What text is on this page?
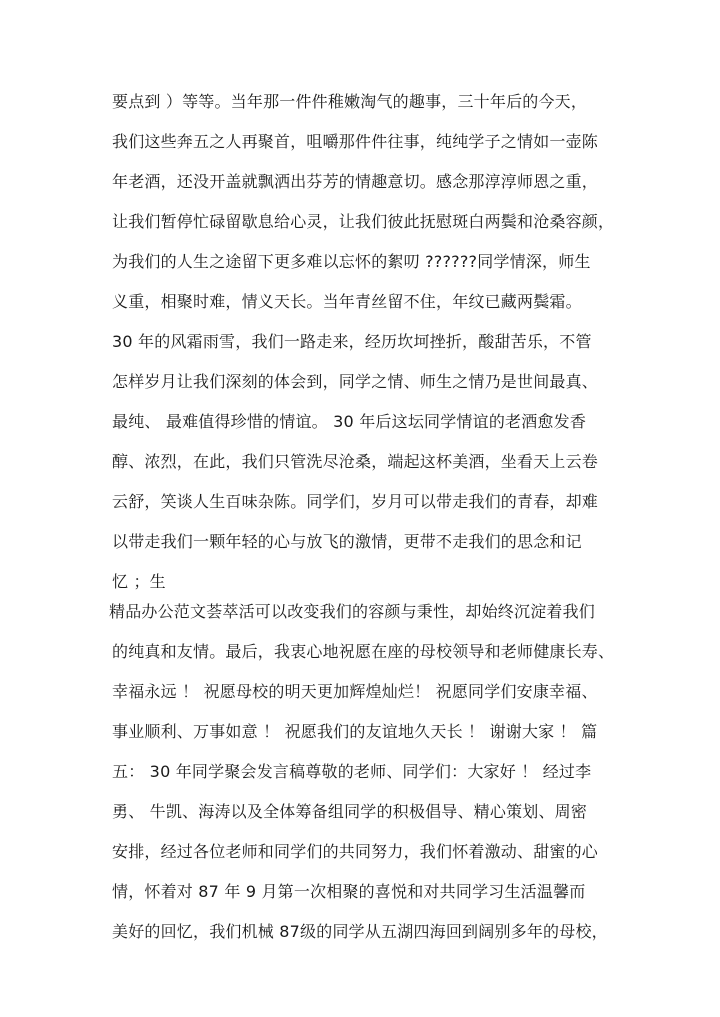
要点到 ）等等。当年那一件件稚嫩淘气的趣事，三十年后的今天，
我们这些奔五之人再聚首，咀嚼那件件往事，纯纯学子之情如一壶陈
年老酒，还没开盖就飘洒出芬芳的情趣意切。感念那淳淳师恩之重，
让我们暂停忙碌留歇息给心灵，让我们彼此抚慰斑白两鬓和沧桑容颜，
为我们的人生之途留下更多难以忘怀的絮叨 ??????同学情深，师生
义重，相聚时难，情义天长。当年青丝留不住，年纹已藏两鬓霜。
30 年的风霜雨雪，我们一路走来，经历坎坷挫折，酸甜苦乐，不管
怎样岁月让我们深刻的体会到，同学之情、师生之情乃是世间最真、
最纯、 最难值得珍惜的情谊。 30 年后这坛同学情谊的老酒愈发香
醇、浓烈，在此，我们只管洗尽沧桑，端起这杯美酒，坐看天上云卷
云舒，笑谈人生百味杂陈。同学们，岁月可以带走我们的青春，却难
以带走我们一颗年轻的心与放飞的激情，更带不走我们的思念和记
忆 ；生
精品办公范文荟萃活可以改变我们的容颜与秉性，却始终沉淀着我们
的纯真和友情。最后，我衷心地祝愿在座的母校领导和老师健康长寿、
幸福永远 ！ 祝愿母校的明天更加辉煌灿烂！ 祝愿同学们安康幸福、
事业顺利、万事如意 ！ 祝愿我们的友谊地久天长 ！ 谢谢大家 ！ 篇
五： 30 年同学聚会发言稿尊敬的老师、同学们：大家好 ！ 经过李
勇、 牛凯、海涛以及全体筹备组同学的积极倡导、精心策划、周密
安排，经过各位老师和同学们的共同努力，我们怀着激动、甜蜜的心
情，怀着对 87 年 9 月第一次相聚的喜悦和对共同学习生活温馨而
美好的回忆，我们机械 87级的同学从五湖四海回到阔别多年的母校，
